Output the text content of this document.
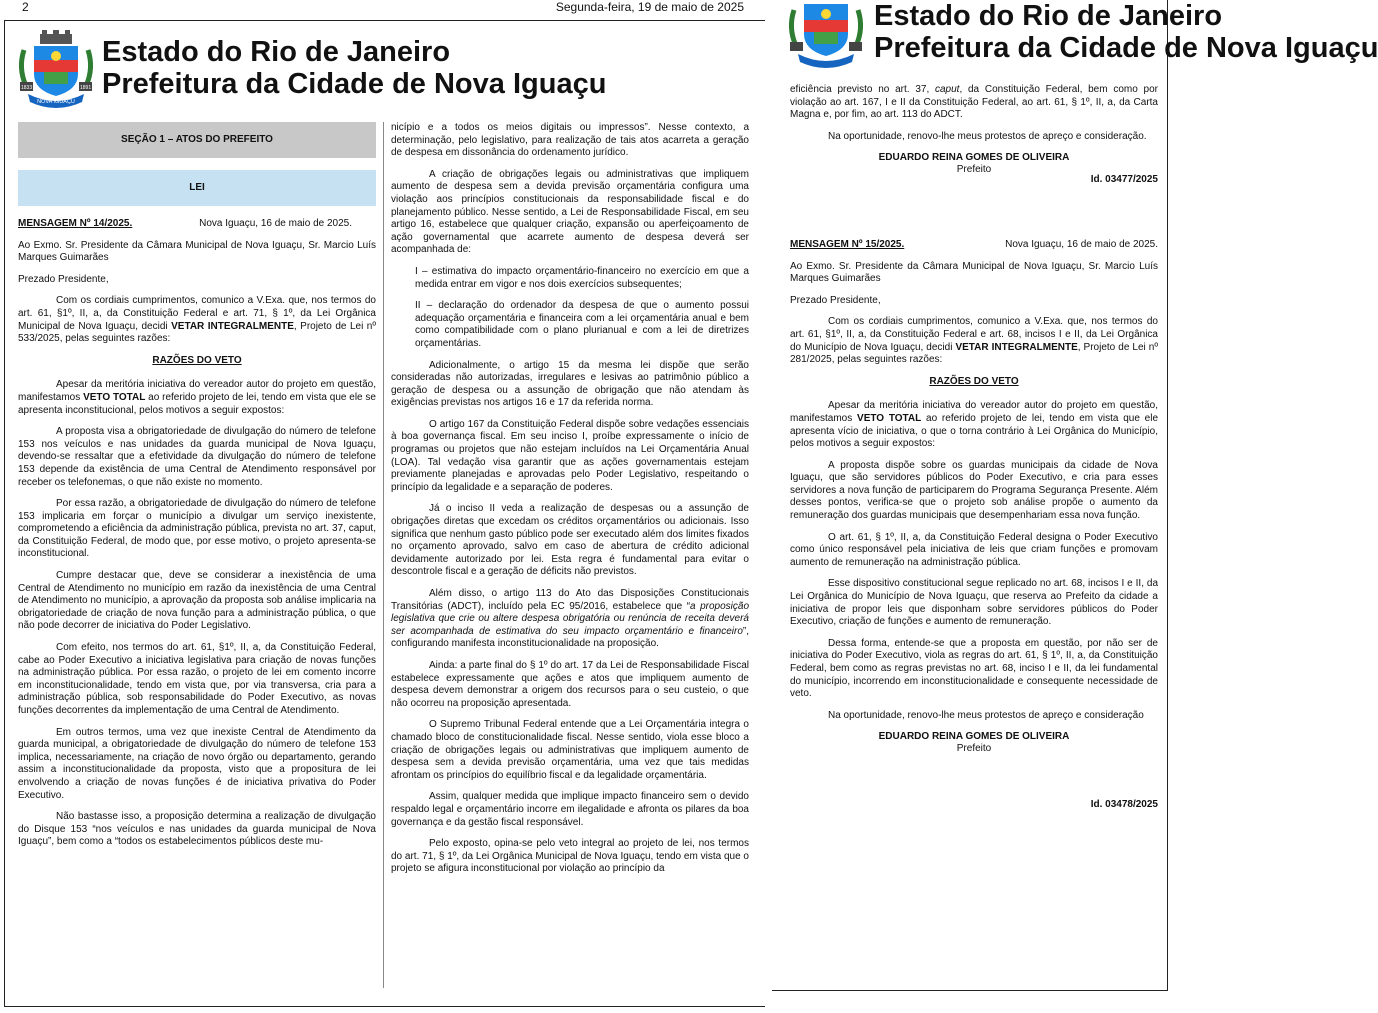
2	Segunda-feira, 19 de maio de 2025
1833	1891
NOVA IGUAÇU
Estado do Rio de Janeiro
Prefeitura da Cidade de Nova Iguaçu
SEÇÃO 1 – ATOS DO PREFEITO
LEI
MENSAGEM Nº 14/2025.	Nova Iguaçu, 16 de maio de 2025.

Ao Exmo. Sr. Presidente da Câmara Municipal de Nova Iguaçu, Sr. Marcio Luís Marques Guimarães

Prezado Presidente,

Com os cordiais cumprimentos, comunico a V.Exa. que, nos termos do art. 61, §1º, II, a, da Constituição Federal e art. 71, § 1º, da Lei Orgânica Municipal de Nova Iguaçu, decidi VETAR INTEGRALMENTE, Projeto de Lei nº 533/2025, pelas seguintes razões:

RAZÕES DO VETO

Apesar da meritória iniciativa do vereador autor do projeto em questão, manifestamos VETO TOTAL ao referido projeto de lei, tendo em vista que ele se apresenta inconstitucional, pelos motivos a seguir expostos:

A proposta visa a obrigatoriedade de divulgação do número de telefone 153 nos veículos e nas unidades da guarda municipal de Nova Iguaçu, devendo-se ressaltar que a efetividade da divulgação do número de telefone 153 depende da existência de uma Central de Atendimento responsável por receber os telefonemas, o que não existe no momento.

Por essa razão, a obrigatoriedade de divulgação do número de telefone 153 implicaria em forçar o município a divulgar um serviço inexistente, comprometendo a eficiência da administração pública, prevista no art. 37, caput, da Constituição Federal, de modo que, por esse motivo, o projeto apresenta-se inconstitucional.

Cumpre destacar que, deve se considerar a inexistência de uma Central de Atendimento no município em razão da inexistência de uma Central de Atendimento no município, a aprovação da proposta sob análise implicaria na obrigatoriedade de criação de nova função para a administração pública, o que não pode decorrer de iniciativa do Poder Legislativo.

Com efeito, nos termos do art. 61, §1º, II, a, da Constituição Federal, cabe ao Poder Executivo a iniciativa legislativa para criação de novas funções na administração pública. Por essa razão, o projeto de lei em comento incorre em inconstitucionalidade, tendo em vista que, por via transversa, cria para a administração pública, sob responsabilidade do Poder Executivo, as novas funções decorrentes da implementação de uma Central de Atendimento.

Em outros termos, uma vez que inexiste Central de Atendimento da guarda municipal, a obrigatoriedade de divulgação do número de telefone 153 implica, necessariamente, na criação de novo órgão ou departamento, gerando assim a inconstitucionalidade da proposta, visto que a propositura de lei envolvendo a criação de novas funções é de iniciativa privativa do Poder Executivo.

Não bastasse isso, a proposição determina a realização de divulgação do Disque 153 “nos veículos e nas unidades da guarda municipal de Nova Iguaçu”, bem como a “todos os estabelecimentos públicos deste mu-

nicípio e a todos os meios digitais ou impressos”. Nesse contexto, a determinação, pelo legislativo, para realização de tais atos acarreta a geração de despesa em dissonância do ordenamento jurídico.

A criação de obrigações legais ou administrativas que impliquem aumento de despesa sem a devida previsão orçamentária configura uma violação aos princípios constitucionais da responsabilidade fiscal e do planejamento público. Nesse sentido, a Lei de Responsabilidade Fiscal, em seu artigo 16, estabelece que qualquer criação, expansão ou aperfeiçoamento de ação governamental que acarrete aumento de despesa deverá ser acompanhada de:

I – estimativa do impacto orçamentário-financeiro no exercício em que a medida entrar em vigor e nos dois exercícios subsequentes;

II – declaração do ordenador da despesa de que o aumento possui adequação orçamentária e financeira com a lei orçamentária anual e bem como compatibilidade com o plano plurianual e com a lei de diretrizes orçamentárias.

Adicionalmente, o artigo 15 da mesma lei dispõe que serão consideradas não autorizadas, irregulares e lesivas ao patrimônio público a geração de despesa ou a assunção de obrigação que não atendam às exigências previstas nos artigos 16 e 17 da referida norma.

O artigo 167 da Constituição Federal dispõe sobre vedações essenciais à boa governança fiscal. Em seu inciso I, proíbe expressamente o início de programas ou projetos que não estejam incluídos na Lei Orçamentária Anual (LOA). Tal vedação visa garantir que as ações governamentais estejam previamente planejadas e aprovadas pelo Poder Legislativo, respeitando o princípio da legalidade e a separação de poderes.

Já o inciso II veda a realização de despesas ou a assunção de obrigações diretas que excedam os créditos orçamentários ou adicionais. Isso significa que nenhum gasto público pode ser executado além dos limites fixados no orçamento aprovado, salvo em caso de abertura de crédito adicional devidamente autorizado por lei. Esta regra é fundamental para evitar o descontrole fiscal e a geração de déficits não previstos.

Além disso, o artigo 113 do Ato das Disposições Constitucionais Transitórias (ADCT), incluído pela EC 95/2016, estabelece que “a proposição legislativa que crie ou altere despesa obrigatória ou renúncia de receita deverá ser acompanhada de estimativa do seu impacto orçamentário e financeiro”, configurando manifesta inconstitucionalidade na proposição.

Ainda: a parte final do § 1º do art. 17 da Lei de Responsabilidade Fiscal estabelece expressamente que ações e atos que impliquem aumento de despesa devem demonstrar a origem dos recursos para o seu custeio, o que não ocorreu na proposição apresentada.

O Supremo Tribunal Federal entende que a Lei Orçamentária integra o chamado bloco de constitucionalidade fiscal. Nesse sentido, viola esse bloco a criação de obrigações legais ou administrativas que impliquem aumento de despesa sem a devida previsão orçamentária, uma vez que tais medidas afrontam os princípios do equilíbrio fiscal e da legalidade orçamentária.

Assim, qualquer medida que implique impacto financeiro sem o devido respaldo legal e orçamentário incorre em ilegalidade e afronta os pilares da boa governança e da gestão fiscal responsável.

Pelo exposto, opina-se pelo veto integral ao projeto de lei, nos termos do art. 71, § 1º, da Lei Orgânica Municipal de Nova Iguaçu, tendo em vista que o projeto se afigura inconstitucional por violação ao princípio da

Estado do Rio de Janeiro
Prefeitura da Cidade de Nova Iguaçu

eficiência previsto no art. 37, caput, da Constituição Federal, bem como por violação ao art. 167, I e II da Constituição Federal, ao art. 61, § 1º, II, a, da Carta Magna e, por fim, ao art. 113 do ADCT.

Na oportunidade, renovo-lhe meus protestos de apreço e consideração.

EDUARDO REINA GOMES DE OLIVEIRA
Prefeito
Id. 03477/2025
MENSAGEM Nº 15/2025.	Nova Iguaçu, 16 de maio de 2025.

Ao Exmo. Sr. Presidente da Câmara Municipal de Nova Iguaçu, Sr. Marcio Luís Marques Guimarães

Prezado Presidente,

Com os cordiais cumprimentos, comunico a V.Exa. que, nos termos do art. 61, §1º, II, a, da Constituição Federal e art. 68, incisos I e II, da Lei Orgânica do Município de Nova Iguaçu, decidi VETAR INTEGRALMENTE, Projeto de Lei nº 281/2025, pelas seguintes razões:

RAZÕES DO VETO

Apesar da meritória iniciativa do vereador autor do projeto em questão, manifestamos VETO TOTAL ao referido projeto de lei, tendo em vista que ele apresenta vício de iniciativa, o que o torna contrário à Lei Orgânica do Município, pelos motivos a seguir expostos:

A proposta dispõe sobre os guardas municipais da cidade de Nova Iguaçu, que são servidores públicos do Poder Executivo, e cria para esses servidores a nova função de participarem do Programa Segurança Presente. Além desses pontos, verifica-se que o projeto sob análise propõe o aumento da remuneração dos guardas municipais que desempenhariam essa nova função.

O art. 61, § 1º, II, a, da Constituição Federal designa o Poder Executivo como único responsável pela iniciativa de leis que criam funções e promovam aumento de remuneração na administração pública.

Esse dispositivo constitucional segue replicado no art. 68, incisos I e II, da Lei Orgânica do Município de Nova Iguaçu, que reserva ao Prefeito da cidade a iniciativa de propor leis que disponham sobre servidores públicos do Poder Executivo, criação de funções e aumento de remuneração.

Dessa forma, entende-se que a proposta em questão, por não ser de iniciativa do Poder Executivo, viola as regras do art. 61, § 1º, II, a, da Constituição Federal, bem como as regras previstas no art. 68, inciso I e II, da lei fundamental do município, incorrendo em inconstitucionalidade e consequente necessidade de veto.

Na oportunidade, renovo-lhe meus protestos de apreço e consideração

EDUARDO REINA GOMES DE OLIVEIRA
Prefeito
Id. 03478/2025
